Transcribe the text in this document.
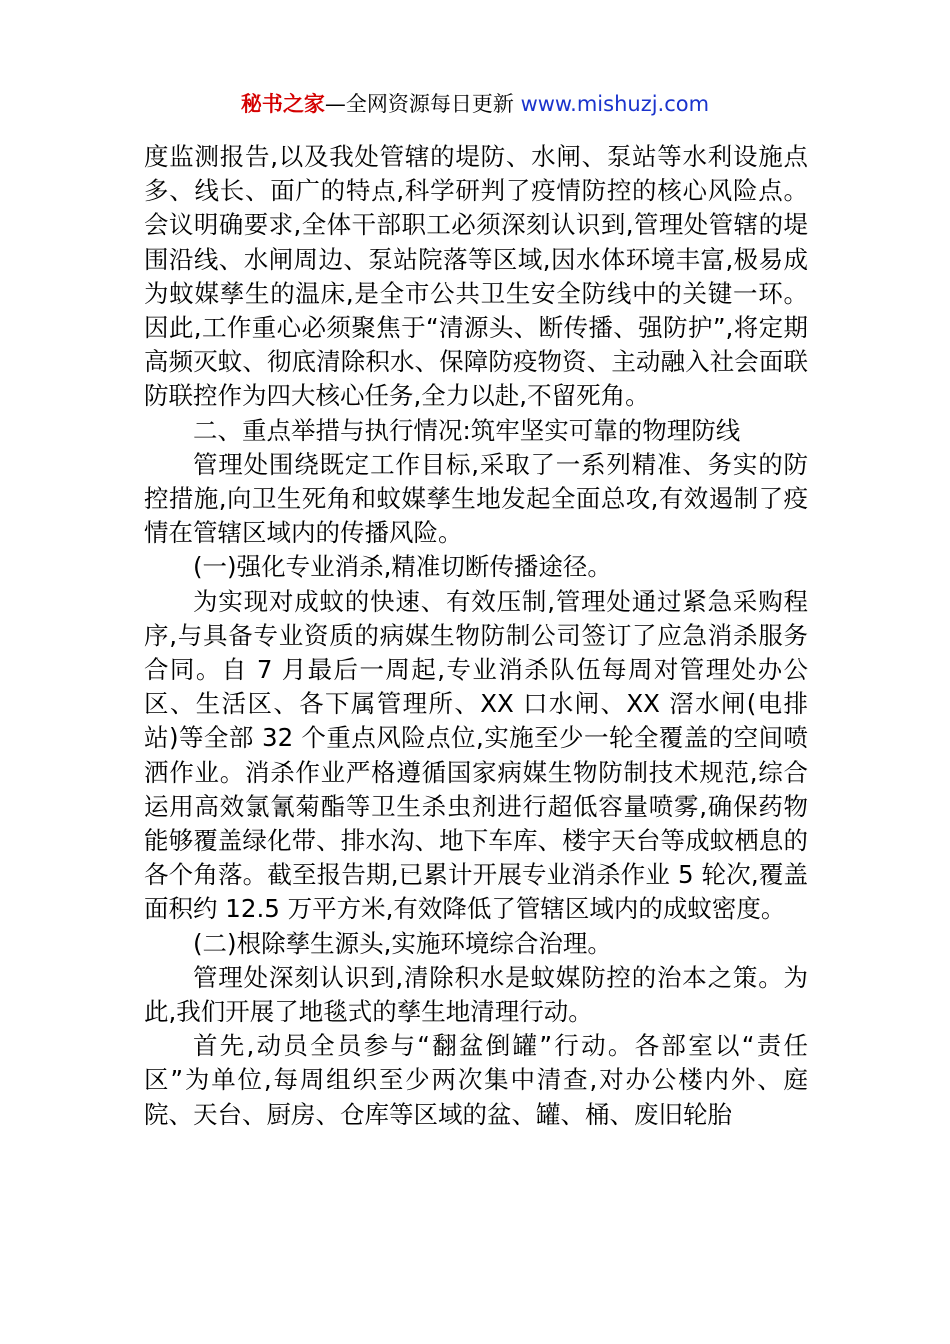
秘书之家—全网资源每日更新 www.mishuzj.com

度监测报告,以及我处管辖的堤防、水闸、泵站等水利设施点多、线长、面广的特点,科学研判了疫情防控的核心风险点。会议明确要求,全体干部职工必须深刻认识到,管理处管辖的堤围沿线、水闸周边、泵站院落等区域,因水体环境丰富,极易成为蚊媒孳生的温床,是全市公共卫生安全防线中的关键一环。因此,工作重心必须聚焦于“清源头、断传播、强防护”,将定期高频灭蚊、彻底清除积水、保障防疫物资、主动融入社会面联防联控作为四大核心任务,全力以赴,不留死角。

二、重点举措与执行情况:筑牢坚实可靠的物理防线

管理处围绕既定工作目标,采取了一系列精准、务实的防控措施,向卫生死角和蚊媒孳生地发起全面总攻,有效遏制了疫情在管辖区域内的传播风险。

(一)强化专业消杀,精准切断传播途径。

为实现对成蚊的快速、有效压制,管理处通过紧急采购程序,与具备专业资质的病媒生物防制公司签订了应急消杀服务合同。自 7 月最后一周起,专业消杀队伍每周对管理处办公区、生活区、各下属管理所、XX 口水闸、XX 滘水闸(电排站)等全部 32 个重点风险点位,实施至少一轮全覆盖的空间喷洒作业。消杀作业严格遵循国家病媒生物防制技术规范,综合运用高效氯氰菊酯等卫生杀虫剂进行超低容量喷雾,确保药物能够覆盖绿化带、排水沟、地下车库、楼宇天台等成蚊栖息的各个角落。截至报告期,已累计开展专业消杀作业 5 轮次,覆盖面积约 12.5 万平方米,有效降低了管辖区域内的成蚊密度。

(二)根除孳生源头,实施环境综合治理。

管理处深刻认识到,清除积水是蚊媒防控的治本之策。为此,我们开展了地毯式的孳生地清理行动。

首先,动员全员参与“翻盆倒罐”行动。各部室以“责任区”为单位,每周组织至少两次集中清查,对办公楼内外、庭院、天台、厨房、仓库等区域的盆、罐、桶、废旧轮胎
